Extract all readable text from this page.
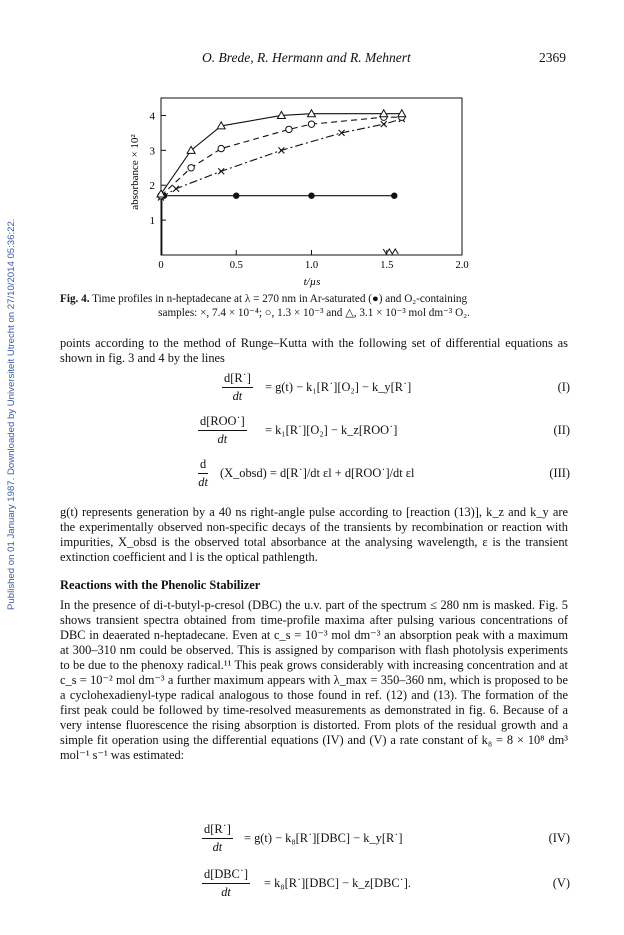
Published on 01 January 1987. Downloaded by Universiteit Utrecht on 27/10/2014 05:36:22.
O. Brede, R. Hermann and R. Mehnert	2369
1
2
3
4
0	0.5	1.0	1.5	2.0
absorbance × 10²
t/µs
Fig. 4. Time profiles in n-heptadecane at λ = 270 nm in Ar-saturated (●) and O₂-containing
samples: ×, 7.4 × 10⁻⁴; ○, 1.3 × 10⁻³ and △, 3.1 × 10⁻³ mol dm⁻³ O₂.
points according to the method of Runge–Kutta with the following set of differential equations as shown in fig. 3 and 4 by the lines
$\frac{d[R˙]}{dt} = g(t)$ − k₁[R˙][O₂] − k_y[R˙]	(I)
d[ROO˙]
dt
= k₁[R˙][O₂] − k_z[ROO˙]	(II)
$\frac{d}{dt}$ (X_obsd) = d[R˙]/dt εl + d[ROO˙]/dt εl	(III)
g(t) represents generation by a 40 ns right-angle pulse according to [reaction (13)], k_z and k_y are the experimentally observed non-specific decays of the transients by recombination or reaction with impurities, X_obsd is the observed total absorbance at the analysing wavelength, ε is the transient extinction coefficient and l is the optical pathlength.
Reactions with the Phenolic Stabilizer
In the presence of di-t-butyl-p-cresol (DBC) the u.v. part of the spectrum ≤ 280 nm is masked. Fig. 5 shows transient spectra obtained from time-profile maxima after pulsing various concentrations of DBC in deaerated n-heptadecane. Even at c_s = 10⁻³ mol dm⁻³ an absorption peak with a maximum at 300–310 nm could be observed. This is assigned by comparison with flash photolysis experiments to be due to the phenoxy radical.¹¹ This peak grows considerably with increasing concentration and at c_s = 10⁻² mol dm⁻³ a further maximum appears with λ_max = 350–360 nm, which is proposed to be a cyclohexadienyl-type radical analogous to those found in ref. (12) and (13). The formation of the first peak could be followed by time-resolved measurements as demonstrated in fig. 6. Because of a very intense fluorescence the rising absorption is distorted. From plots of the residual growth and a simple fit operation using the differential equations (IV) and (V) a rate constant of k₈ = 8 × 10⁸ dm³ mol⁻¹ s⁻¹ was estimated:
$\frac{d[R˙]}{dt} = g(t)$ − k₈[R˙][DBC] − k_y[R˙]	(IV)
d[DBC˙]
dt
= k₈[R˙][DBC] − k_z[DBC˙].	(V)
